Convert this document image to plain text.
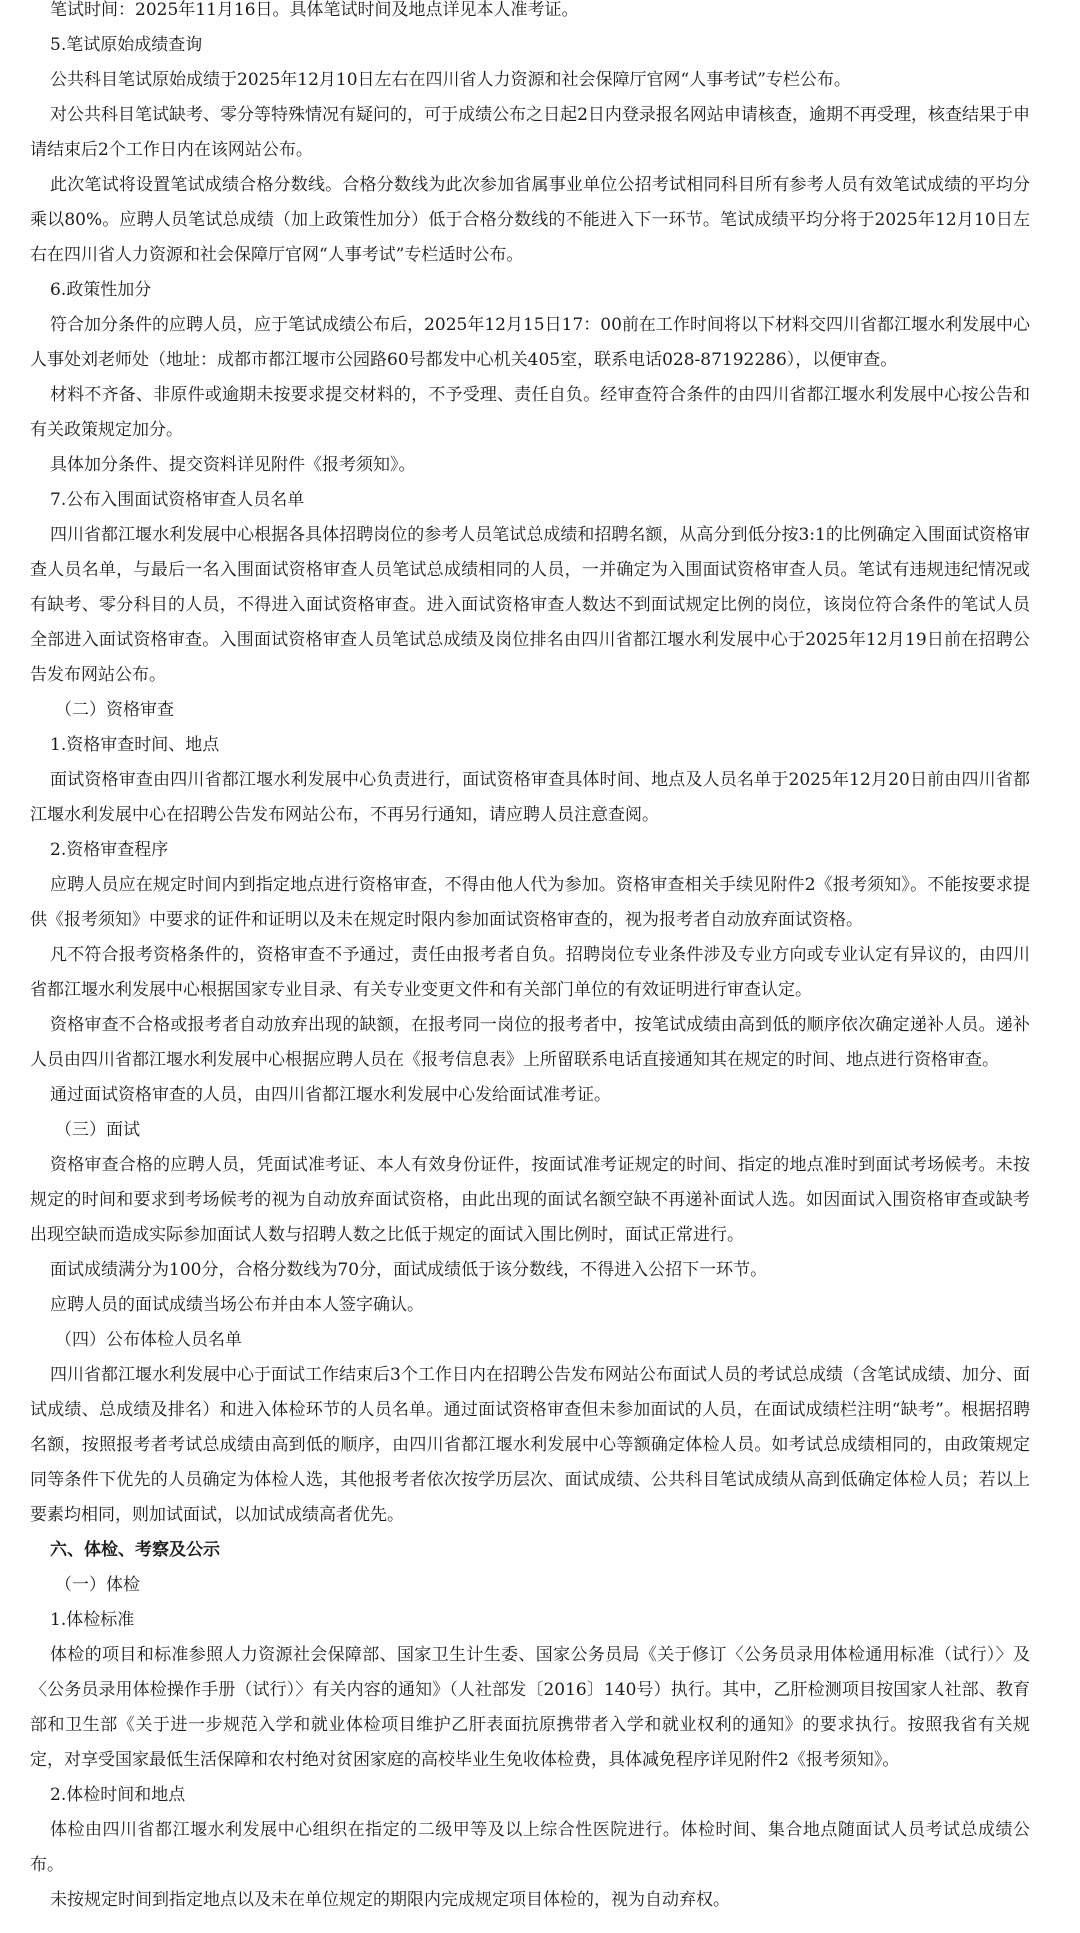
笔试时间：2025年11月16日。具体笔试时间及地点详见本人准考证。

5.笔试原始成绩查询

公共科目笔试原始成绩于2025年12月10日左右在四川省人力资源和社会保障厅官网“人事考试”专栏公布。

对公共科目笔试缺考、零分等特殊情况有疑问的，可于成绩公布之日起2日内登录报名网站申请核查，逾期不再受理，核查结果于申请结束后2个工作日内在该网站公布。

此次笔试将设置笔试成绩合格分数线。合格分数线为此次参加省属事业单位公招考试相同科目所有参考人员有效笔试成绩的平均分乘以80%。应聘人员笔试总成绩（加上政策性加分）低于合格分数线的不能进入下一环节。笔试成绩平均分将于2025年12月10日左右在四川省人力资源和社会保障厅官网“人事考试”专栏适时公布。

6.政策性加分

符合加分条件的应聘人员，应于笔试成绩公布后，2025年12月15日17：00前在工作时间将以下材料交四川省都江堰水利发展中心人事处刘老师处（地址：成都市都江堰市公园路60号都发中心机关405室，联系电话028-87192286），以便审查。

材料不齐备、非原件或逾期未按要求提交材料的，不予受理、责任自负。经审查符合条件的由四川省都江堰水利发展中心按公告和有关政策规定加分。

具体加分条件、提交资料详见附件《报考须知》。

7.公布入围面试资格审查人员名单

四川省都江堰水利发展中心根据各具体招聘岗位的参考人员笔试总成绩和招聘名额，从高分到低分按3:1的比例确定入围面试资格审查人员名单，与最后一名入围面试资格审查人员笔试总成绩相同的人员，一并确定为入围面试资格审查人员。笔试有违规违纪情况或有缺考、零分科目的人员，不得进入面试资格审查。进入面试资格审查人数达不到面试规定比例的岗位，该岗位符合条件的笔试人员全部进入面试资格审查。入围面试资格审查人员笔试总成绩及岗位排名由四川省都江堰水利发展中心于2025年12月19日前在招聘公告发布网站公布。

（二）资格审查

1.资格审查时间、地点

面试资格审查由四川省都江堰水利发展中心负责进行，面试资格审查具体时间、地点及人员名单于2025年12月20日前由四川省都江堰水利发展中心在招聘公告发布网站公布，不再另行通知，请应聘人员注意查阅。

2.资格审查程序

应聘人员应在规定时间内到指定地点进行资格审查，不得由他人代为参加。资格审查相关手续见附件2《报考须知》。不能按要求提供《报考须知》中要求的证件和证明以及未在规定时限内参加面试资格审查的，视为报考者自动放弃面试资格。

凡不符合报考资格条件的，资格审查不予通过，责任由报考者自负。招聘岗位专业条件涉及专业方向或专业认定有异议的，由四川省都江堰水利发展中心根据国家专业目录、有关专业变更文件和有关部门单位的有效证明进行审查认定。

资格审查不合格或报考者自动放弃出现的缺额，在报考同一岗位的报考者中，按笔试成绩由高到低的顺序依次确定递补人员。递补人员由四川省都江堰水利发展中心根据应聘人员在《报考信息表》上所留联系电话直接通知其在规定的时间、地点进行资格审查。

通过面试资格审查的人员，由四川省都江堰水利发展中心发给面试准考证。

（三）面试

资格审查合格的应聘人员，凭面试准考证、本人有效身份证件，按面试准考证规定的时间、指定的地点准时到面试考场候考。未按规定的时间和要求到考场候考的视为自动放弃面试资格，由此出现的面试名额空缺不再递补面试人选。如因面试入围资格审查或缺考出现空缺而造成实际参加面试人数与招聘人数之比低于规定的面试入围比例时，面试正常进行。

面试成绩满分为100分，合格分数线为70分，面试成绩低于该分数线，不得进入公招下一环节。

应聘人员的面试成绩当场公布并由本人签字确认。

（四）公布体检人员名单

四川省都江堰水利发展中心于面试工作结束后3个工作日内在招聘公告发布网站公布面试人员的考试总成绩（含笔试成绩、加分、面试成绩、总成绩及排名）和进入体检环节的人员名单。通过面试资格审查但未参加面试的人员，在面试成绩栏注明“缺考”。根据招聘名额，按照报考者考试总成绩由高到低的顺序，由四川省都江堰水利发展中心等额确定体检人员。如考试总成绩相同的，由政策规定同等条件下优先的人员确定为体检人选，其他报考者依次按学历层次、面试成绩、公共科目笔试成绩从高到低确定体检人员；若以上要素均相同，则加试面试，以加试成绩高者优先。

六、体检、考察及公示

（一）体检

1.体检标准

体检的项目和标准参照人力资源社会保障部、国家卫生计生委、国家公务员局《关于修订〈公务员录用体检通用标准（试行）〉及〈公务员录用体检操作手册（试行）〉有关内容的通知》（人社部发〔2016〕140号）执行。其中，乙肝检测项目按国家人社部、教育部和卫生部《关于进一步规范入学和就业体检项目维护乙肝表面抗原携带者入学和就业权利的通知》的要求执行。按照我省有关规定，对享受国家最低生活保障和农村绝对贫困家庭的高校毕业生免收体检费，具体减免程序详见附件2《报考须知》。

2.体检时间和地点

体检由四川省都江堰水利发展中心组织在指定的二级甲等及以上综合性医院进行。体检时间、集合地点随面试人员考试总成绩公布。

未按规定时间到指定地点以及未在单位规定的期限内完成规定项目体检的，视为自动弃权。
